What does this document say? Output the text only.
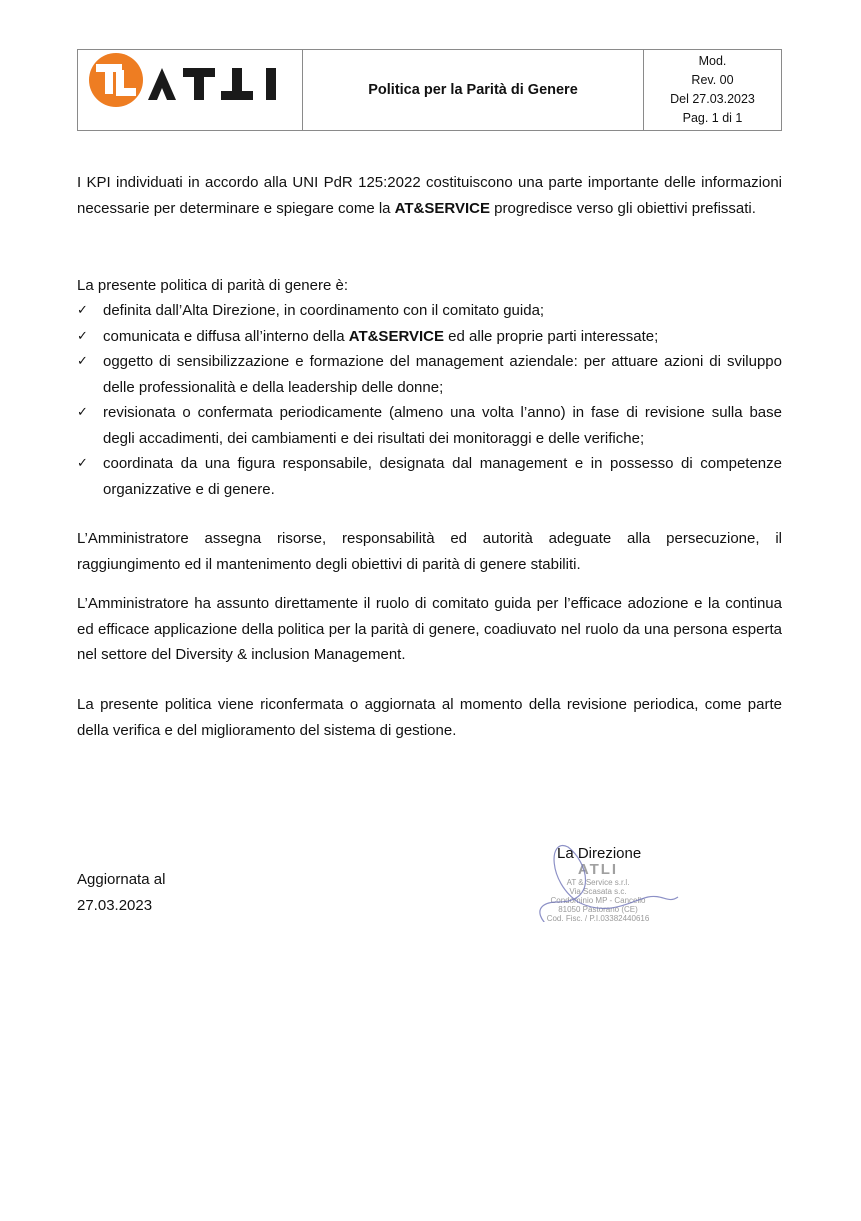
	Politica per la Parità di Genere	
Mod.
Rev. 00
Del 27.03.2023
Pag. 1 di 1
I KPI individuati in accordo alla UNI PdR 125:2022 costituiscono una parte importante delle informazioni necessarie per determinare e spiegare come la AT&SERVICE progredisce verso gli obiettivi prefissati.
La presente politica di parità di genere è:
✓ definita dall’Alta Direzione, in coordinamento con il comitato guida;
✓ comunicata e diffusa all’interno della AT&SERVICE ed alle proprie parti interessate;
✓ oggetto di sensibilizzazione e formazione del management aziendale: per attuare azioni di sviluppo delle professionalità e della leadership delle donne;
✓ revisionata o confermata periodicamente (almeno una volta l’anno) in fase di revisione sulla base degli accadimenti, dei cambiamenti e dei risultati dei monitoraggi e delle verifiche;
✓ coordinata da una figura responsabile, designata dal management e in possesso di competenze organizzative e di genere.
L’Amministratore assegna risorse, responsabilità ed autorità adeguate alla persecuzione, il raggiungimento ed il mantenimento degli obiettivi di parità di genere stabiliti.
L’Amministratore ha assunto direttamente il ruolo di comitato guida per l’efficace adozione e la continua ed efficace applicazione della politica per la parità di genere, coadiuvato nel ruolo da una persona esperta nel settore del Diversity & inclusion Management.
La presente politica viene riconfermata o aggiornata al momento della revisione periodica, come parte della verifica e del miglioramento del sistema di gestione.
ATLI
AT & Service s.r.l.
Via Scasata s.c.
Condominio MP - Cancello
81050 Pastorano (CE)
Cod. Fisc. / P.I.03382440616
La Direzione
Aggiornata al
27.03.2023
